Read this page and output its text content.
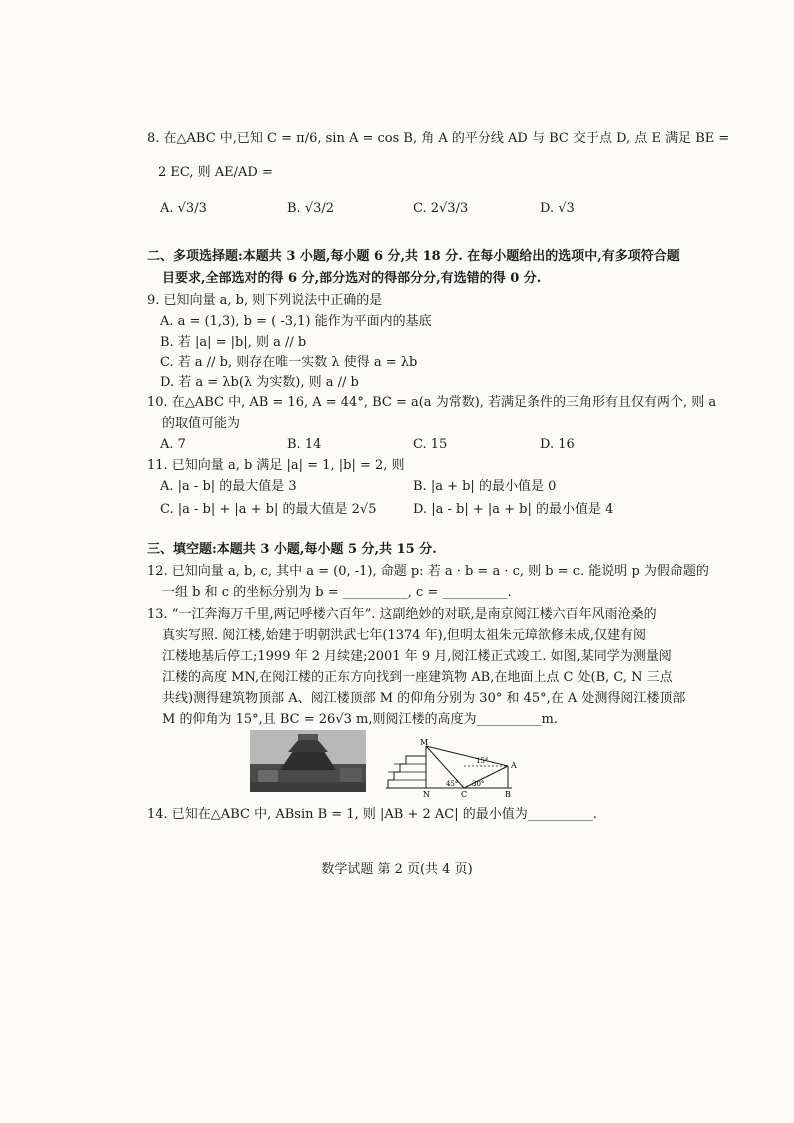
8. 在△ABC 中,已知 C = π/6, sin A = cos B, 角 A 的平分线 AD 与 BC 交于点 D, 点 E 满足 BE =
2 EC, 则 AE/AD =
A. √3/3	B. √3/2	C. 2√3/3	D. √3
二、多项选择题:本题共 3 小题,每小题 6 分,共 18 分. 在每小题给出的选项中,有多项符合题
目要求,全部选对的得 6 分,部分选对的得部分分,有选错的得 0 分.
9. 已知向量 a, b, 则下列说法中正确的是
A. a = (1,3), b = ( -3,1) 能作为平面内的基底
B. 若 |a| = |b|, 则 a // b
C. 若 a // b, 则存在唯一实数 λ 使得 a = λb
D. 若 a = λb(λ 为实数), 则 a // b
10. 在△ABC 中, AB = 16, A = 44°, BC = a(a 为常数), 若满足条件的三角形有且仅有两个, 则 a
的取值可能为
A. 7	B. 14	C. 15	D. 16
11. 已知向量 a, b 满足 |a| = 1, |b| = 2, 则
A. |a - b| 的最大值是 3	B. |a + b| 的最小值是 0
C. |a - b| + |a + b| 的最大值是 2√5	D. |a - b| + |a + b| 的最小值是 4
三、填空题:本题共 3 小题,每小题 5 分,共 15 分.
12. 已知向量 a, b, c, 其中 a = (0, -1), 命题 p: 若 a · b = a · c, 则 b = c. 能说明 p 为假命题的
一组 b 和 c 的坐标分别为 b = __________, c = __________.
13. “一江奔海万千里,两记呼楼六百年”. 这副绝妙的对联,是南京阅江楼六百年风雨沧桑的
真实写照. 阅江楼,始建于明朝洪武七年(1374 年),但明太祖朱元璋欲修未成,仅建有阅
江楼地基后停工;1999 年 2 月续建;2001 年 9 月,阅江楼正式竣工. 如图,某同学为测量阅
江楼的高度 MN,在阅江楼的正东方向找到一座建筑物 AB,在地面上点 C 处(B, C, N 三点
共线)测得建筑物顶部 A、阅江楼顶部 M 的仰角分别为 30° 和 45°,在 A 处测得阅江楼顶部
M 的仰角为 15°,且 BC = 26√3 m,则阅江楼的高度为__________m.
M
N	C
A
B
15°
45° 30°
14. 已知在△ABC 中, ABsin B = 1, 则 |AB + 2 AC| 的最小值为__________.
数学试题 第 2 页(共 4 页)
